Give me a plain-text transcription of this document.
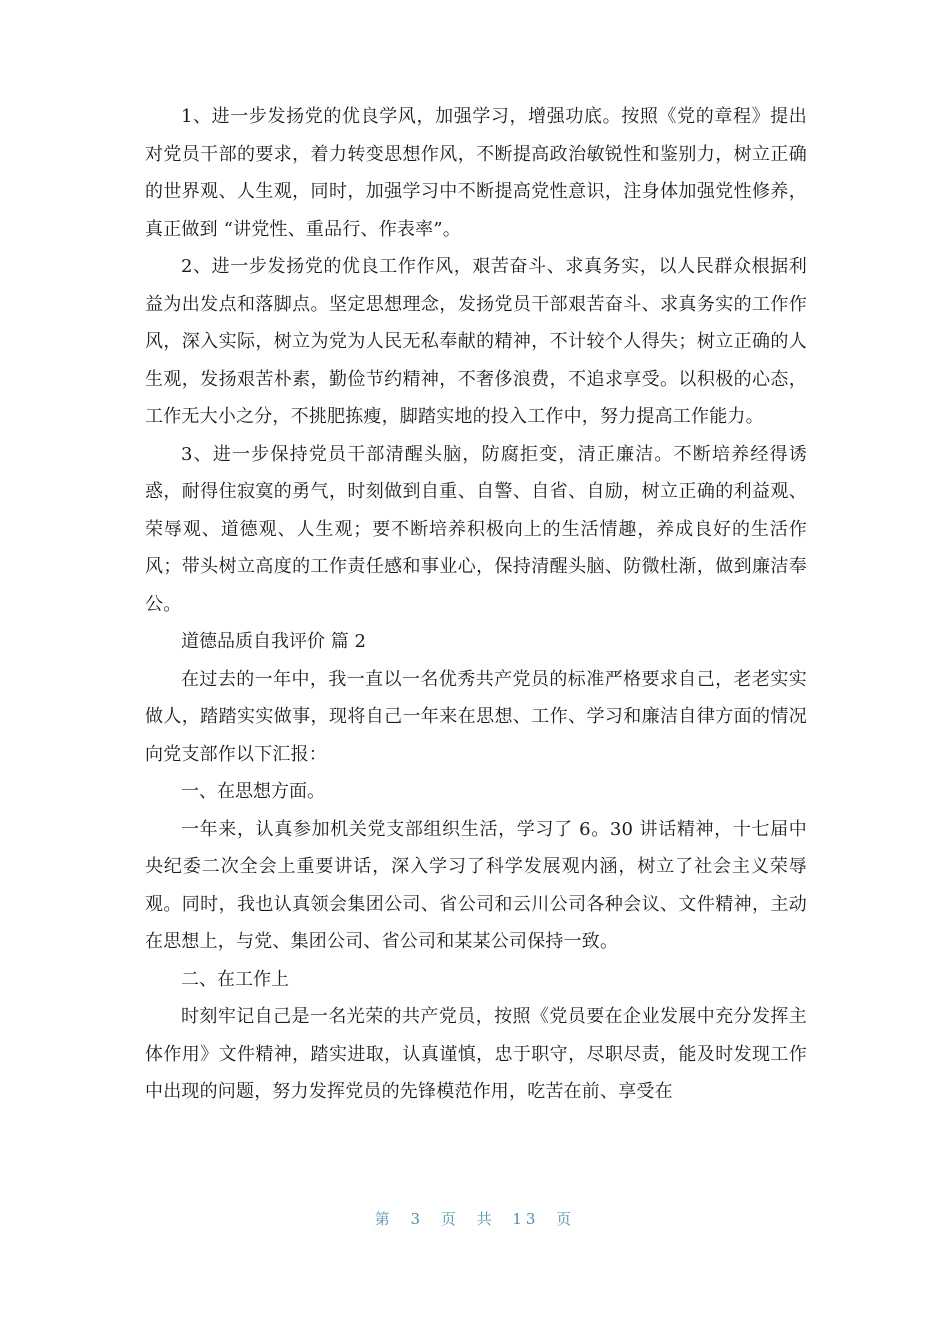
1、进一步发扬党的优良学风，加强学习，增强功底。按照《党的章程》提出对党员干部的要求，着力转变思想作风，不断提高政治敏锐性和鉴别力，树立正确的世界观、人生观，同时，加强学习中不断提高党性意识，注身体加强党性修养，真正做到 “讲党性、重品行、作表率”。

2、进一步发扬党的优良工作作风，艰苦奋斗、求真务实，以人民群众根据利益为出发点和落脚点。坚定思想理念，发扬党员干部艰苦奋斗、求真务实的工作作风，深入实际，树立为党为人民无私奉献的精神，不计较个人得失；树立正确的人生观，发扬艰苦朴素，勤俭节约精神，不奢侈浪费，不追求享受。以积极的心态，工作无大小之分，不挑肥拣瘦，脚踏实地的投入工作中，努力提高工作能力。

3、进一步保持党员干部清醒头脑，防腐拒变，清正廉洁。不断培养经得诱惑，耐得住寂寞的勇气，时刻做到自重、自警、自省、自励，树立正确的利益观、荣辱观、道德观、人生观；要不断培养积极向上的生活情趣，养成良好的生活作风；带头树立高度的工作责任感和事业心，保持清醒头脑、防微杜渐，做到廉洁奉公。

道德品质自我评价 篇 2

在过去的一年中，我一直以一名优秀共产党员的标准严格要求自己，老老实实做人，踏踏实实做事，现将自己一年来在思想、工作、学习和廉洁自律方面的情况向党支部作以下汇报：

一、在思想方面。

一年来，认真参加机关党支部组织生活，学习了 6。30 讲话精神，十七届中央纪委二次全会上重要讲话，深入学习了科学发展观内涵，树立了社会主义荣辱观。同时，我也认真领会集团公司、省公司和云川公司各种会议、文件精神，主动在思想上，与党、集团公司、省公司和某某公司保持一致。

二、在工作上

时刻牢记自己是一名光荣的共产党员，按照《党员要在企业发展中充分发挥主体作用》文件精神，踏实进取，认真谨慎，忠于职守，尽职尽责，能及时发现工作中出现的问题，努力发挥党员的先锋模范作用，吃苦在前、享受在

第 3 页 共 13 页
